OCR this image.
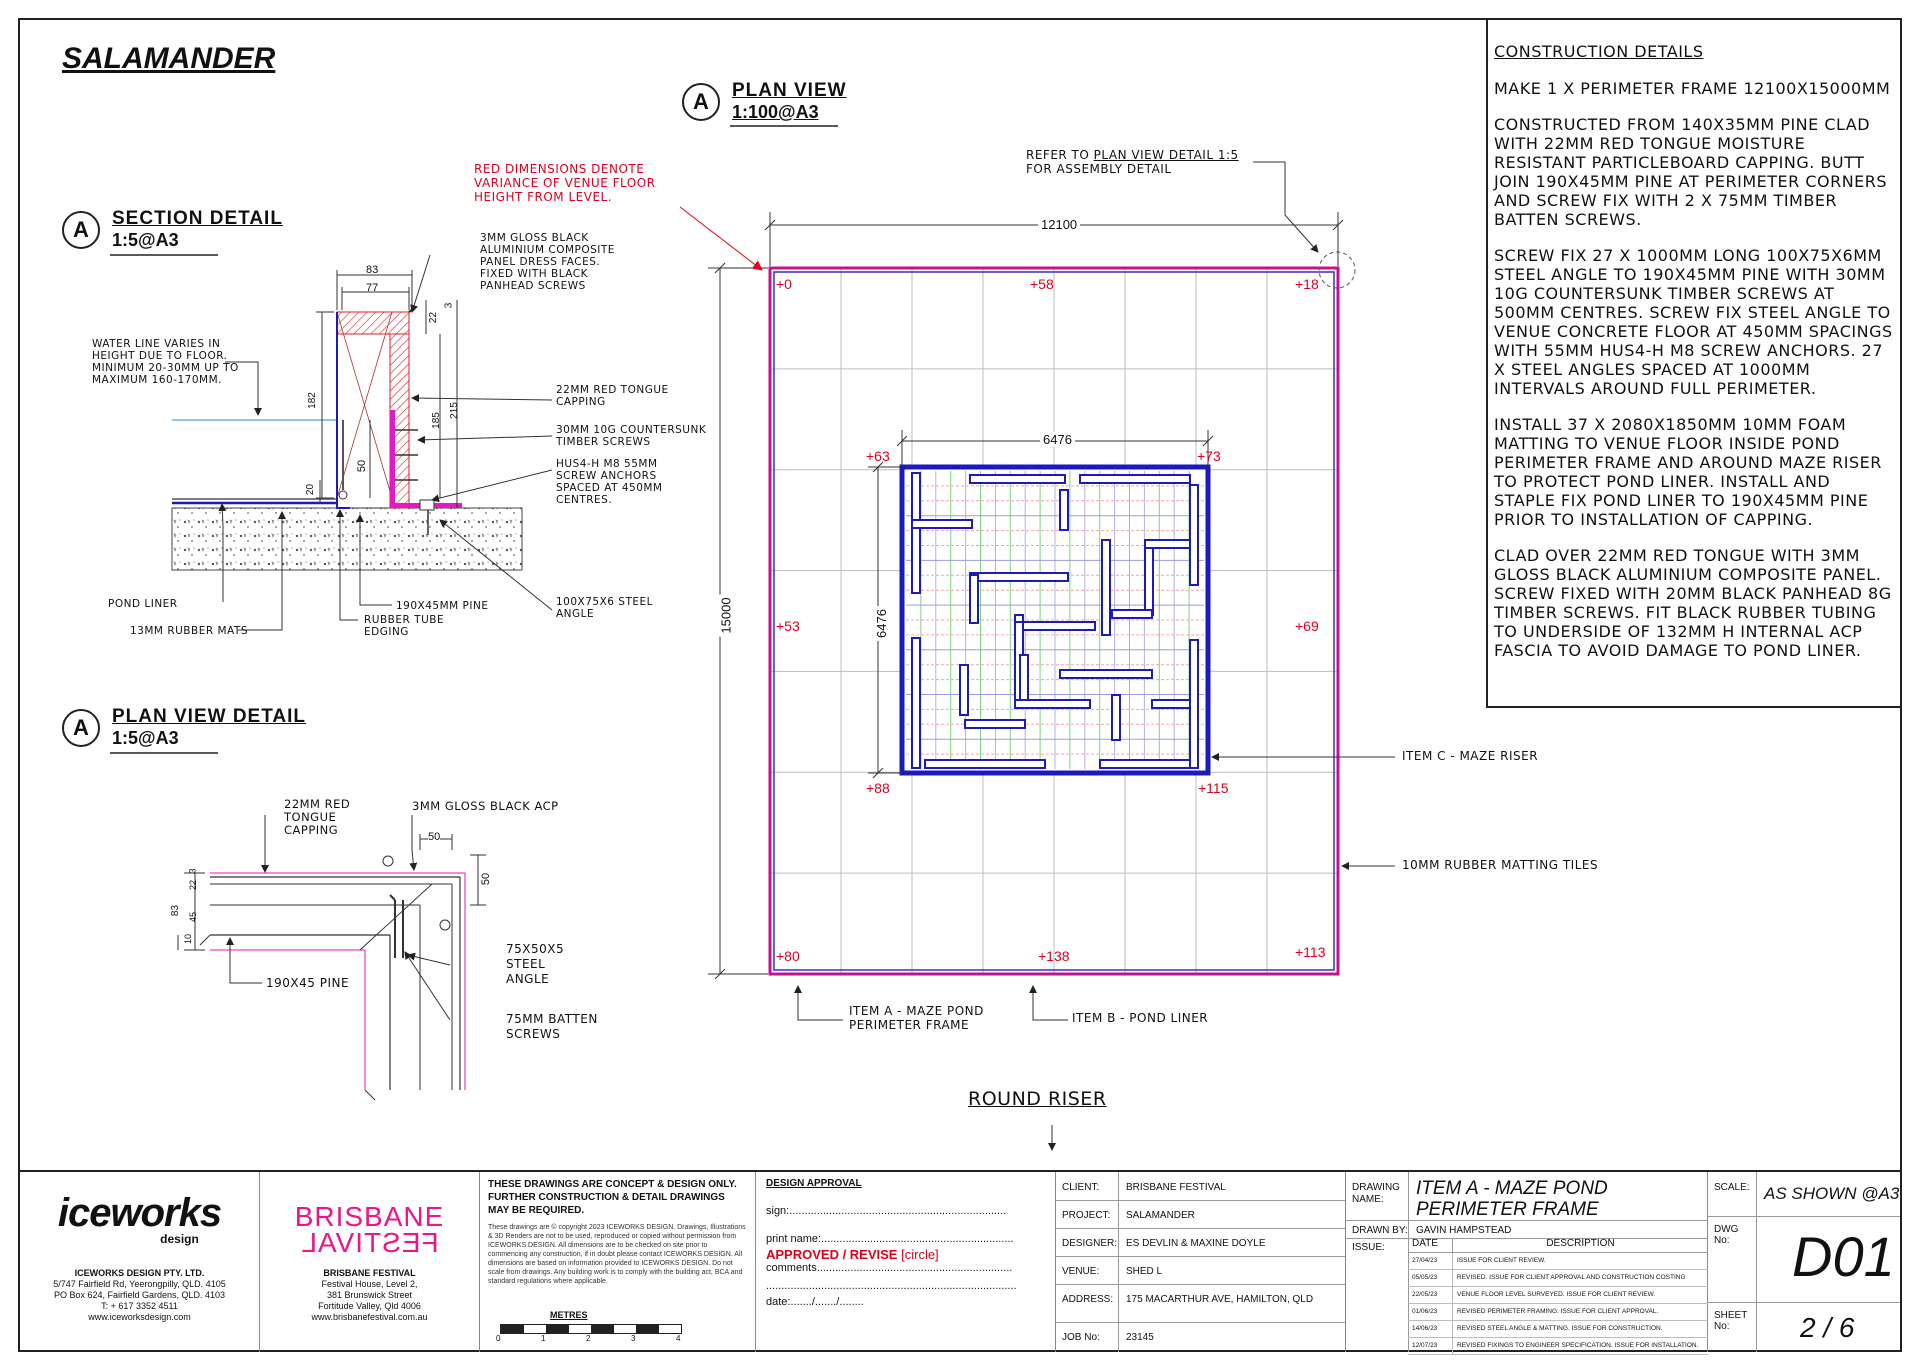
SALAMANDER
A	PLAN VIEW
1:100@A3
A	SECTION DETAIL
1:5@A3
A	PLAN VIEW DETAIL
1:5@A3
RED DIMENSIONS DENOTE
VARIANCE OF VENUE FLOOR
HEIGHT FROM LEVEL.
REFER TO PLAN VIEW DETAIL 1:5
FOR ASSEMBLY DETAIL
12100
15000
6476
6476
+0	+58	+18
+53	+69
+80	+138	+113
+63	+73
+88	+115
ITEM C - MAZE RISER
10MM RUBBER MATTING TILES
ITEM A - MAZE POND
PERIMETER FRAME	ITEM B - POND LINER
3MM GLOSS BLACK
ALUMINIUM COMPOSITE
PANEL DRESS FACES.
FIXED WITH BLACK
PANHEAD SCREWS
WATER LINE VARIES IN
HEIGHT DUE TO FLOOR.
MINIMUM 20-30MM UP TO
MAXIMUM 160-170MM.
22MM RED TONGUE
CAPPING
30MM 10G COUNTERSUNK
TIMBER SCREWS
HUS4-H M8 55MM
SCREW ANCHORS
SPACED AT 450MM
CENTRES.
100X75X6 STEEL
ANGLE
190X45MM PINE
RUBBER TUBE
EDGING
POND LINER
13MM RUBBER MATS
83
77
22
3
182
185
215
50
20
22MM RED
TONGUE
CAPPING
3MM GLOSS BLACK ACP
50
50
83
45
22
3
10
190X45 PINE
75X50X5
STEEL
ANGLE
75MM BATTEN
SCREWS
ROUND RISER

CONSTRUCTION DETAILS

MAKE 1 X PERIMETER FRAME 12100X15000MM

CONSTRUCTED FROM 140X35MM PINE CLAD WITH 22MM RED TONGUE MOISTURE RESISTANT PARTICLEBOARD CAPPING. BUTT JOIN 190X45MM PINE AT PERIMETER CORNERS AND SCREW FIX WITH 2 X 75MM TIMBER BATTEN SCREWS.

SCREW FIX 27 X 1000MM LONG 100X75X6MM STEEL ANGLE TO 190X45MM PINE WITH 30MM 10G COUNTERSUNK TIMBER SCREWS AT 500MM CENTRES. SCREW FIX STEEL ANGLE TO VENUE CONCRETE FLOOR AT 450MM SPACINGS WITH 55MM HUS4-H M8 SCREW ANCHORS. 27 X STEEL ANGLES SPACED AT 1000MM INTERVALS AROUND FULL PERIMETER.

INSTALL 37 X 2080X1850MM 10MM FOAM MATTING TO VENUE FLOOR INSIDE POND PERIMETER FRAME AND AROUND MAZE RISER TO PROTECT POND LINER. INSTALL AND STAPLE FIX POND LINER TO 190X45MM PINE PRIOR TO INSTALLATION OF CAPPING.

CLAD OVER 22MM RED TONGUE WITH 3MM GLOSS BLACK ALUMINIUM COMPOSITE PANEL. SCREW FIXED WITH 20MM BLACK PANHEAD 8G TIMBER SCREWS. FIT BLACK RUBBER TUBING TO UNDERSIDE OF 132MM H INTERNAL ACP FASCIA TO AVOID DAMAGE TO POND LINER.

iceworks
design
ICEWORKS DESIGN PTY. LTD.
5/747 Fairfield Rd, Yeerongpilly, QLD. 4105
PO Box 624, Fairfield Gardens, QLD. 4103
T: + 617 3352 4511
www.iceworksdesign.com
BRISBANE
FESTIVAL
BRISBANE FESTIVAL
Festival House, Level 2,
381 Brunswick Street
Fortitude Valley, Qld 4006
www.brisbanefestival.com.au
THESE DRAWINGS ARE CONCEPT & DESIGN ONLY. FURTHER CONSTRUCTION & DETAIL DRAWINGS MAY BE REQUIRED.
These drawings are © copyright 2023 ICEWORKS DESIGN. Drawings, Illustrations & 3D Renders are not to be used, reproduced or copied without permission from ICEWORKS DESIGN. All dimensions are to be checked on site prior to commencing any construction, if in doubt please contact ICEWORKS DESIGN. All dimensions are based on information provided to ICEWORKS DESIGN. Do not scale from drawings. Any building work is to comply with the building act, BCA and standard regulations where applicable.
METRES
0	1	2	3	4
DESIGN APPROVAL
sign:.......................................................................
print name:...............................................................
APPROVED / REVISE [circle]
comments................................................................
..................................................................................
date:......./......./........
CLIENT:	BRISBANE FESTIVAL
PROJECT: SALAMANDER
DESIGNER: ES DEVLIN & MAXINE DOYLE
VENUE:	SHED L
ADDRESS: 175 MACARTHUR AVE, HAMILTON, QLD
JOB No:	23145
DRAWING NAME:
ITEM A - MAZE POND
PERIMETER FRAME
DRAWN BY: GAVIN HAMPSTEAD
ISSUE:	DATE	DESCRIPTION
27/04/23	ISSUE FOR CLIENT REVIEW.
05/05/23	REVISED. ISSUE FOR CLIENT APPROVAL AND CONSTRUCTION COSTING
22/05/23	VENUE FLOOR LEVEL SURVEYED. ISSUE FOR CLIENT REVIEW.
01/06/23	REVISED PERIMETER FRAMING. ISSUE FOR CLIENT APPROVAL.
14/06/23	REVISED STEEL ANGLE & MATTING. ISSUE FOR CONSTRUCTION.
12/07/23	REVISED FIXINGS TO ENGINEER SPECIFICATION. ISSUE FOR INSTALLATION.
SCALE: AS SHOWN @A3
DWG No:	D01
SHEET No:	2 / 6
